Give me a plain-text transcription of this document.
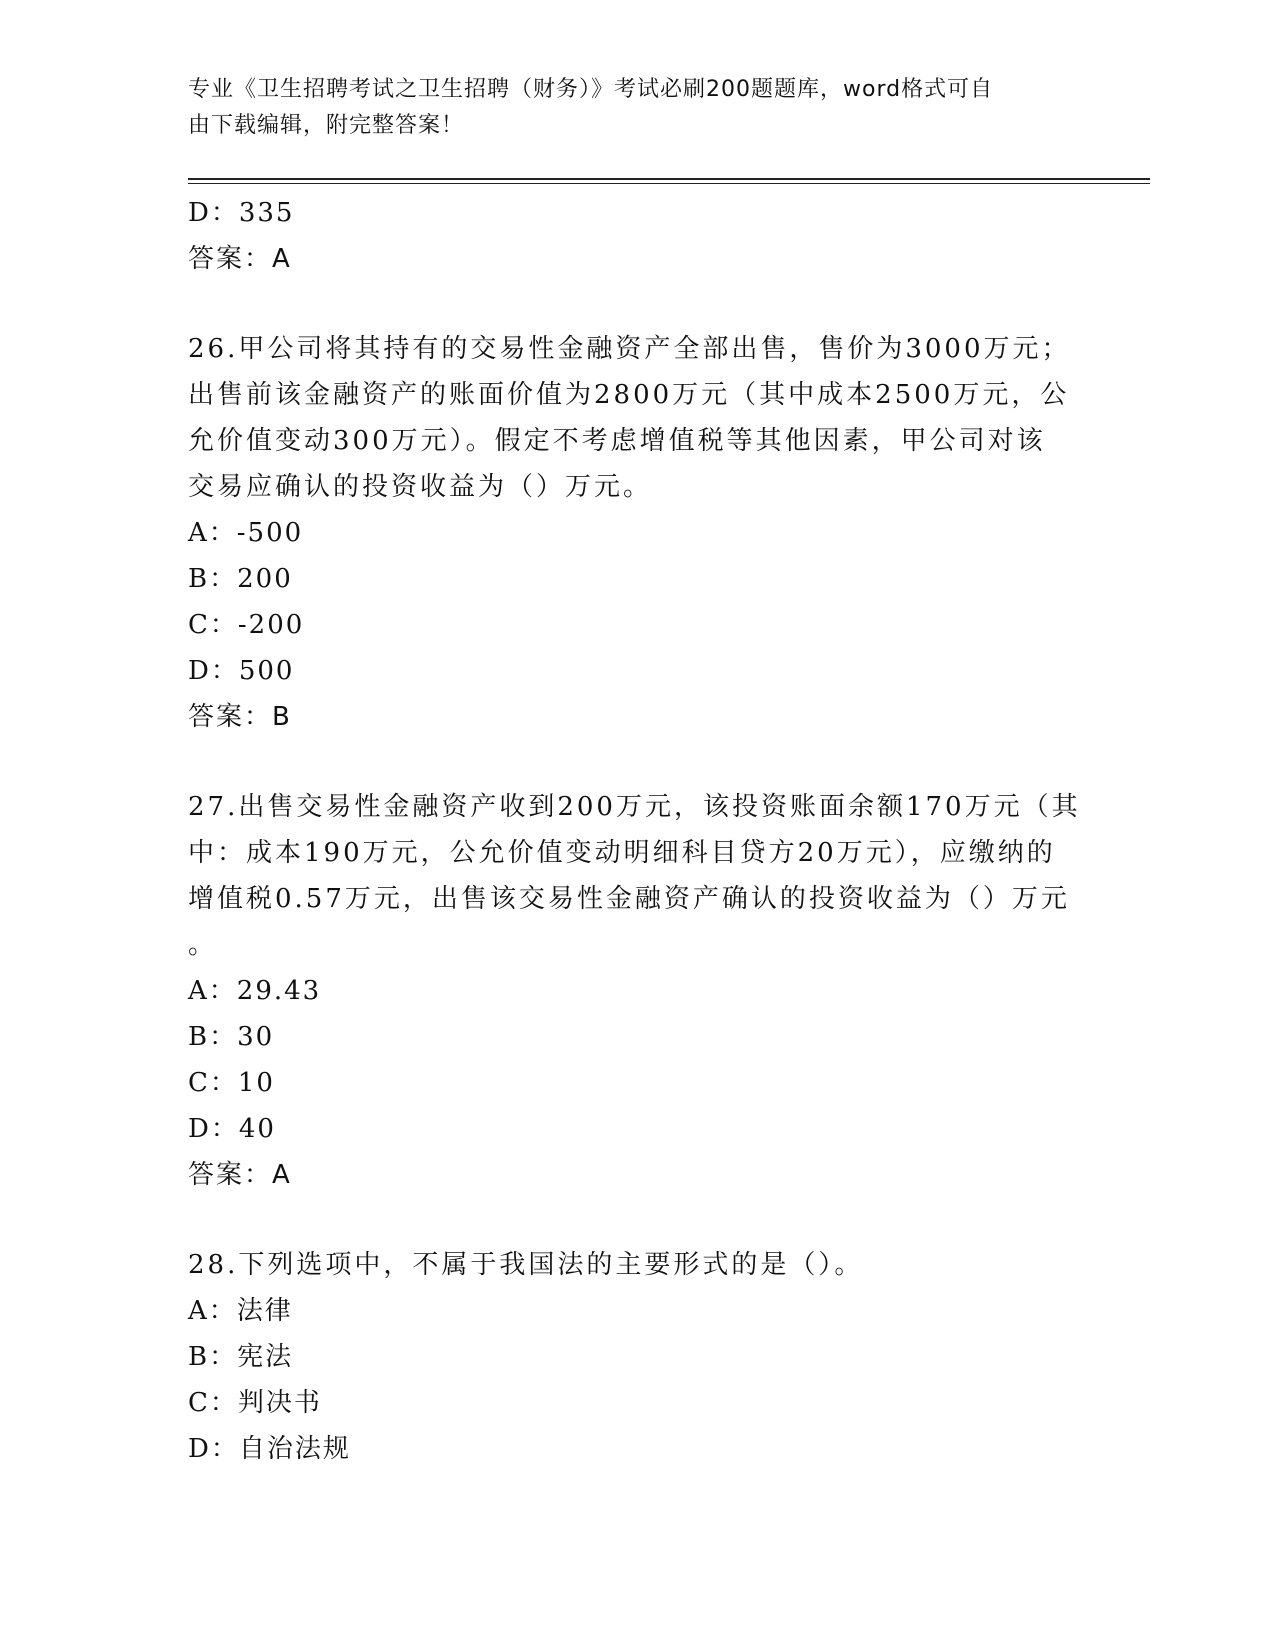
专业《卫生招聘考试之卫生招聘（财务）》考试必刷200题题库，word格式可自
由下载编辑，附完整答案！
D：335
答案：A
26.甲公司将其持有的交易性金融资产全部出售，售价为3000万元；
出售前该金融资产的账面价值为2800万元（其中成本2500万元，公
允价值变动300万元）。假定不考虑增值税等其他因素，甲公司对该
交易应确认的投资收益为（）万元。
A：-500
B：200
C：-200
D：500
答案：B
27.出售交易性金融资产收到200万元，该投资账面余额170万元（其
中：成本190万元，公允价值变动明细科目贷方20万元），应缴纳的
增值税0.57万元，出售该交易性金融资产确认的投资收益为（）万元
。
A：29.43
B：30
C：10
D：40
答案：A
28.下列选项中，不属于我国法的主要形式的是（）。
A：法律
B：宪法
C：判决书
D：自治法规
